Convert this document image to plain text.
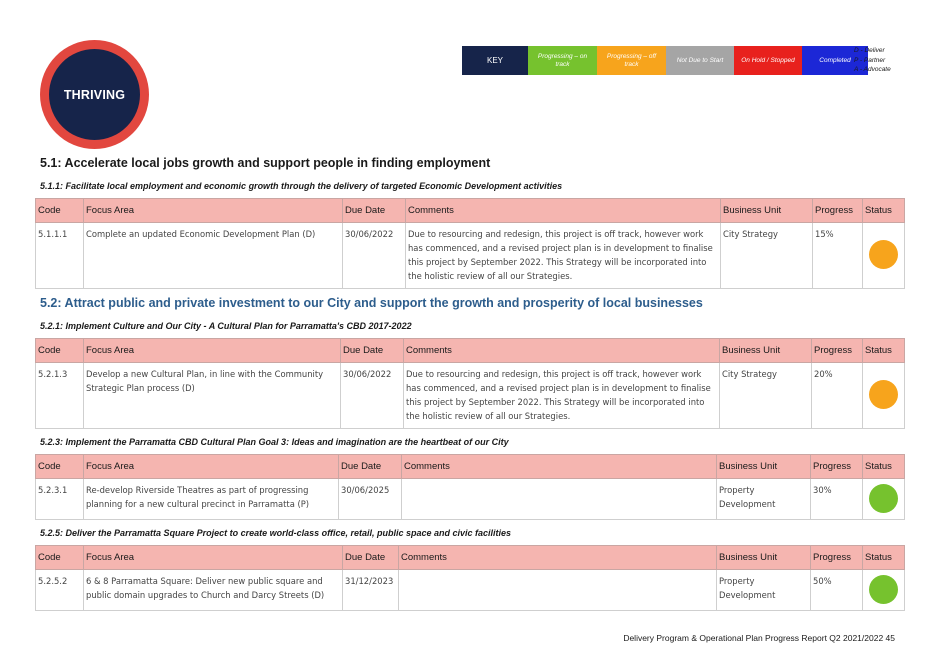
THRIVING
KEY	Progressing – on track
Progressing – off track
Not Due to Start	On Hold / Stopped	Completed
D - Deliver
P - Partner
A - Advocate
5.1: Accelerate local jobs growth and support people in finding employment
5.1.1: Facilitate local employment and economic growth through the delivery of targeted Economic Development activities
Code	Focus Area	Due Date	Comments	Business Unit	Progress	Status
5.1.1.1	Complete an updated Economic Development Plan (D)	30/06/2022	Due to resourcing and redesign, this project is off track, however work has commenced, and a revised project plan is in development to finalise this project by September 2022. This Strategy will be incorporated into the holistic review of all our Strategies.	City Strategy	15%	
5.2: Attract public and private investment to our City and support the growth and prosperity of local businesses
5.2.1: Implement Culture and Our City - A Cultural Plan for Parramatta's CBD 2017-2022
Code	Focus Area	Due Date	Comments	Business Unit	Progress	Status
5.2.1.3	Develop a new Cultural Plan, in line with the Community Strategic Plan process (D)	30/06/2022	Due to resourcing and redesign, this project is off track, however work has commenced, and a revised project plan is in development to finalise this project by September 2022. This Strategy will be incorporated into the holistic review of all our Strategies.	City Strategy	20%	
5.2.3: Implement the Parramatta CBD Cultural Plan Goal 3: Ideas and imagination are the heartbeat of our City
Code	Focus Area	Due Date	Comments	Business Unit	Progress	Status
5.2.3.1	Re-develop Riverside Theatres as part of progressing planning for a new cultural precinct in Parramatta (P)	30/06/2025		Property Development	30%	
5.2.5: Deliver the Parramatta Square Project to create world-class office, retail, public space and civic facilities
Code	Focus Area	Due Date	Comments	Business Unit	Progress	Status
5.2.5.2	6 & 8 Parramatta Square: Deliver new public square and public domain upgrades to Church and Darcy Streets (D)	31/12/2023		Property Development	50%	
Delivery Program & Operational Plan Progress Report Q2 2021/2022 45
